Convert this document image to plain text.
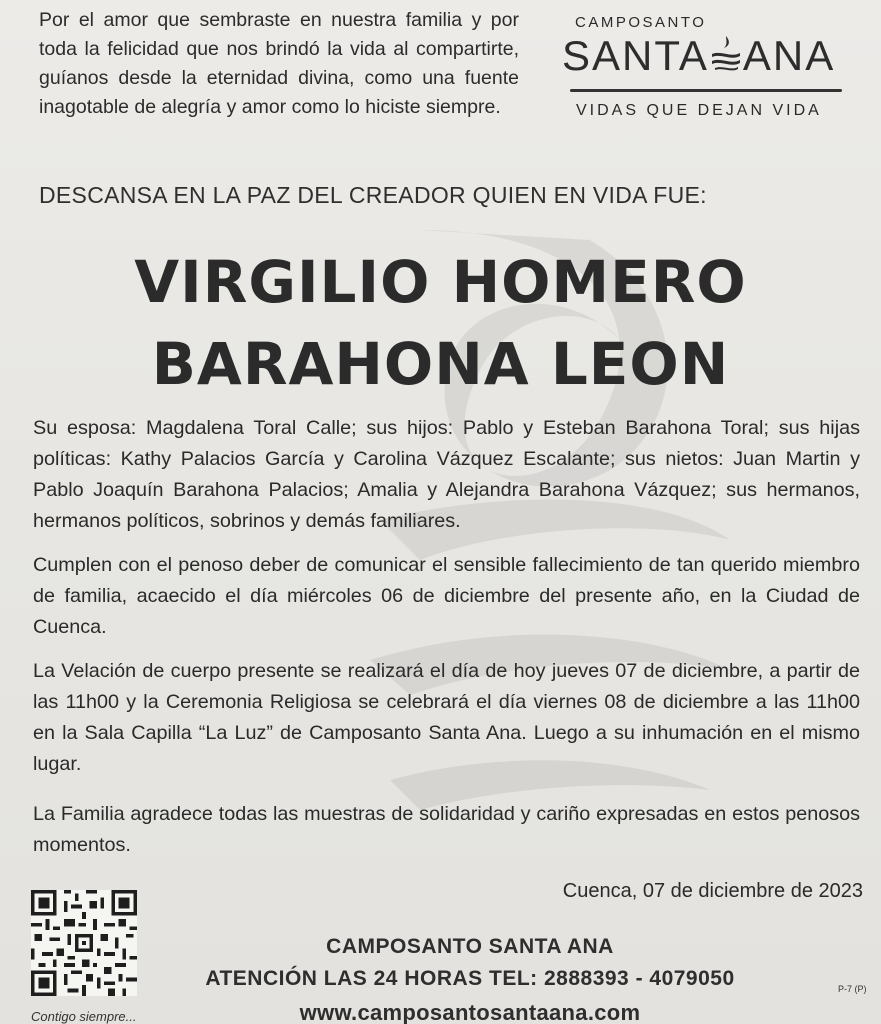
Por el amor que sembraste en nuestra familia y por toda la felicidad que nos brindó la vida al compartirte, guíanos desde la eternidad divina, como una fuente inagotable de alegría y amor como lo hiciste siempre.
CAMPOSANTO
SANTA ANA
VIDAS QUE DEJAN VIDA
DESCANSA EN LA PAZ DEL CREADOR QUIEN EN VIDA FUE:
VIRGILIO HOMERO
BARAHONA LEON
Su esposa: Magdalena Toral Calle; sus hijos: Pablo y Esteban Barahona Toral; sus hijas políticas: Kathy Palacios García y Carolina Vázquez Escalante; sus nietos: Juan Martin y Pablo Joaquín Barahona Palacios; Amalia y Alejandra Barahona Vázquez; sus hermanos, hermanos políticos, sobrinos y demás familiares.
Cumplen con el penoso deber de comunicar el sensible fallecimiento de tan querido miembro de familia, acaecido el día miércoles 06 de diciembre del presente año, en la Ciudad de Cuenca.
La Velación de cuerpo presente se realizará el día de hoy jueves 07 de diciembre, a partir de las 11h00 y la Ceremonia Religiosa se celebrará el día viernes 08 de diciembre a las 11h00 en la Sala Capilla “La Luz” de Camposanto Santa Ana. Luego a su inhumación en el mismo lugar.
La Familia agradece todas las muestras de solidaridad y cariño expresadas en estos penosos momentos.
Cuenca, 07 de diciembre de 2023
Contigo siempre...
CAMPOSANTO SANTA ANA
ATENCIÓN LAS 24 HORAS TEL: 2888393 - 4079050
www.camposantosantaana.com
P-7 (P)
